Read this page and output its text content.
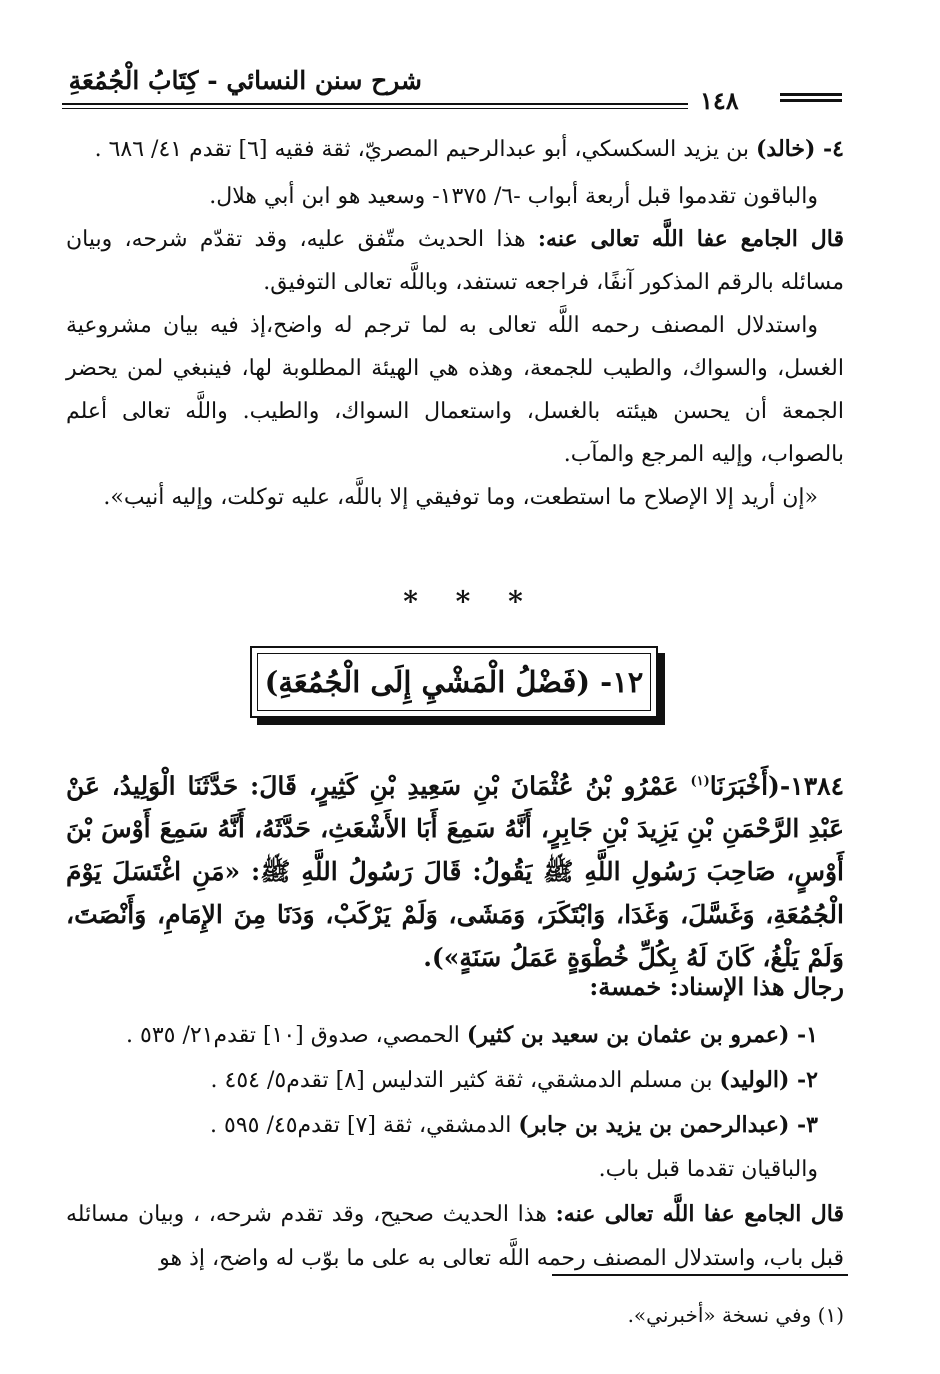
شرح سنن النسائي - كِتَابُ الْجُمُعَةِ
١٤٨

٤- (خالد) بن يزيد السكسكي، أبو عبدالرحيم المصريّ، ثقة فقيه [٦] تقدم ٤١/ ٦٨٦ .

والباقون تقدموا قبل أربعة أبواب -٦/ ١٣٧٥- وسعيد هو ابن أبي هلال.

قال الجامع عفا اللَّه تعالى عنه: هذا الحديث متّفق عليه، وقد تقدّم شرحه، وبيان مسائله بالرقم المذكور آنفًا، فراجعه تستفد، وباللَّه تعالى التوفيق.

واستدلال المصنف رحمه اللَّه تعالى به لما ترجم له واضح،إذ فيه بيان مشروعية الغسل، والسواك، والطيب للجمعة، وهذه هي الهيئة المطلوبة لها، فينبغي لمن يحضر الجمعة أن يحسن هيئته بالغسل، واستعمال السواك، والطيب. واللَّه تعالى أعلم بالصواب، وإليه المرجع والمآب.

«إن أريد إلا الإصلاح ما استطعت، وما توفيقي إلا باللَّه، عليه توكلت، وإليه أنيب».

* * *
١٢- (فَضْلُ الْمَشْيِ إِلَى الْجُمُعَةِ)

١٣٨٤-(أَخْبَرَنَا$^{(١)}$ عَمْرُو بْنُ عُثْمَانَ بْنِ سَعِيدِ بْنِ كَثِيرٍ، قَالَ: حَدَّثَنَا الْوَلِيدُ، عَنْ عَبْدِ الرَّحْمَنِ بْنِ يَزِيدَ بْنِ جَابِرٍ، أَنَّهُ سَمِعَ أَبَا الأَشْعَثِ، حَدَّثَهُ، أَنَّهُ سَمِعَ أَوْسَ بْنَ أَوْسٍ، صَاحِبَ رَسُولِ اللَّهِ ﷺ يَقُولُ: قَالَ رَسُولُ اللَّهِ ﷺ: «مَنِ اغْتَسَلَ يَوْمَ الْجُمُعَةِ، وَغَسَّلَ، وَغَدَا، وَابْتَكَرَ، وَمَشَى، وَلَمْ يَرْكَبْ، وَدَنَا مِنَ الإِمَامِ، وَأَنْصَتَ، وَلَمْ يَلْغُ، كَانَ لَهُ بِكُلِّ خُطْوَةٍ عَمَلُ سَنَةٍ»).

رجال هذا الإسناد: خمسة:

١- (عمرو بن عثمان بن سعيد بن كثير) الحمصي، صدوق [١٠] تقدم٢١/ ٥٣٥ .

٢- (الوليد) بن مسلم الدمشقي، ثقة كثير التدليس [٨] تقدم٥/ ٤٥٤ .

٣- (عبدالرحمن بن يزيد بن جابر) الدمشقي، ثقة [٧] تقدم٤٥/ ٥٩٥ .

والباقيان تقدما قبل باب.

قال الجامع عفا اللَّه تعالى عنه: هذا الحديث صحيح، وقد تقدم شرحه، ، وبيان مسائله قبل باب، واستدلال المصنف رحمه اللَّه تعالى به على ما بوّب له واضح، إذ هو

(١) وفي نسخة «أخبرني».
